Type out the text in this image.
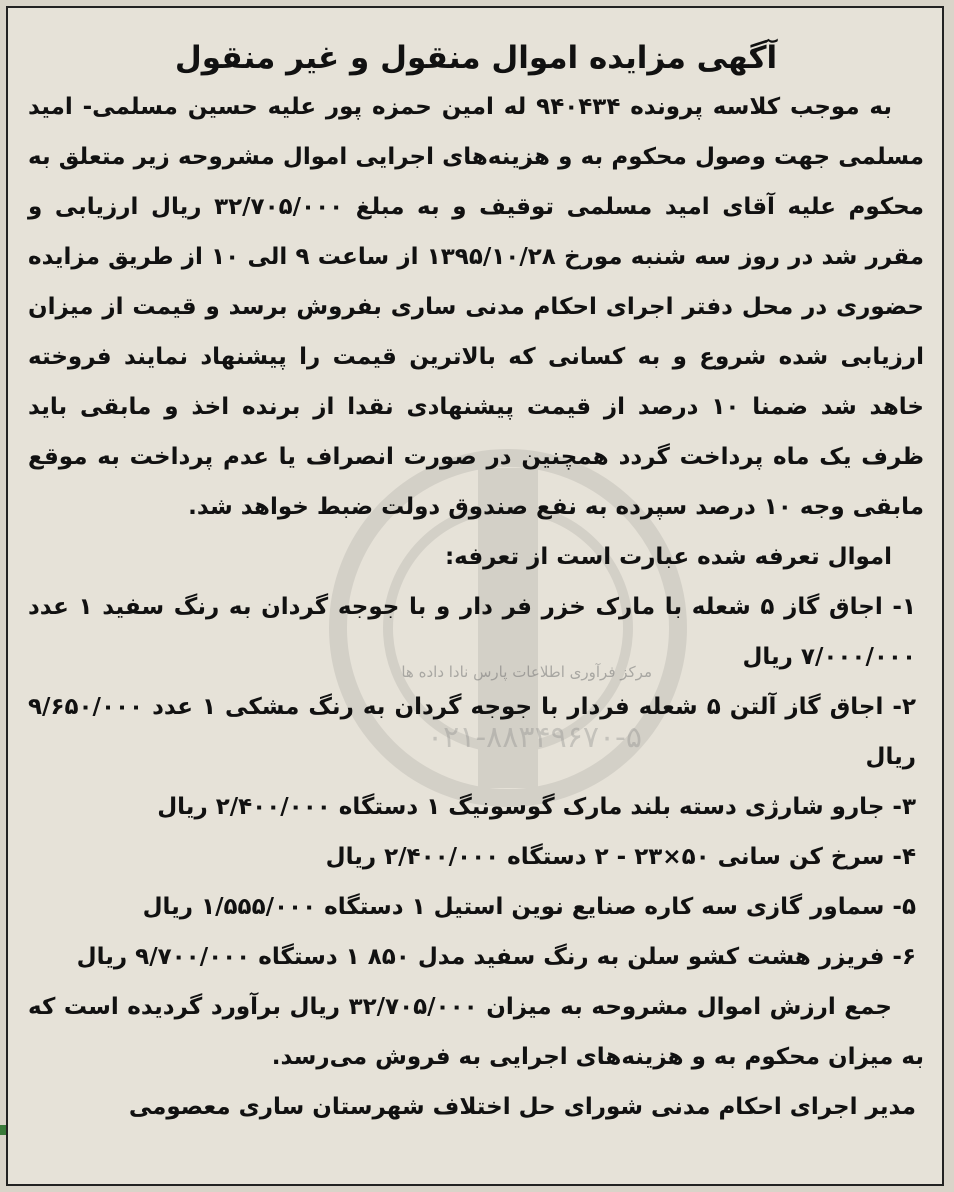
مرکز فرآوری اطلاعات پارس نادا داده ها
۰۲۱-۸۸۳۴۹۶۷۰-۵
آگهی مزایده اموال منقول و غیر منقول

به موجب کلاسه پرونده ۹۴۰۴۳۴ له امین حمزه پور علیه حسین مسلمی- امید مسلمی جهت وصول محکوم به و هزینه‌های اجرایی اموال مشروحه زیر متعلق به محکوم علیه آقای امید مسلمی توقیف و به مبلغ ۳۲/۷۰۵/۰۰۰ ریال ارزیابی و مقرر شد در روز سه شنبه مورخ ۱۳۹۵/۱۰/۲۸ از ساعت ۹ الی ۱۰ از طریق مزایده حضوری در محل دفتر اجرای احکام مدنی ساری بفروش برسد و قیمت از میزان ارزیابی شده شروع و به کسانی که بالاترین قیمت را پیشنهاد نمایند فروخته خاهد شد ضمنا ۱۰ درصد از قیمت پیشنهادی نقدا از برنده اخذ و مابقی باید ظرف یک ماه پرداخت گردد همچنین در صورت انصراف یا عدم پرداخت به موقع مابقی وجه ۱۰ درصد سپرده به نفع صندوق دولت ضبط خواهد شد.

اموال تعرفه شده عبارت است از تعرفه:

۱- اجاق گاز ۵ شعله با مارک خزر فر دار و با جوجه گردان به رنگ سفید ۱ عدد ۷/۰۰۰/۰۰۰ ریال

۲- اجاق گاز آلتن ۵ شعله فردار با جوجه گردان به رنگ مشکی ۱ عدد ۹/۶۵۰/۰۰۰ ریال

۳- جارو شارژی دسته بلند مارک گوسونیگ ۱ دستگاه ۲/۴۰۰/۰۰۰ ریال

۴- سرخ کن سانی ۵۰×۲۳ - ۲ دستگاه ۲/۴۰۰/۰۰۰ ریال

۵- سماور گازی سه کاره صنایع نوین استیل ۱ دستگاه ۱/۵۵۵/۰۰۰ ریال

۶- فریزر هشت کشو سلن به رنگ سفید مدل ۸۵۰ ۱ دستگاه ۹/۷۰۰/۰۰۰ ریال

جمع ارزش اموال مشروحه به میزان ۳۲/۷۰۵/۰۰۰ ریال برآورد گردیده است که به میزان محکوم به و هزینه‌های اجرایی به فروش می‌رسد.

مدیر اجرای احکام مدنی شورای حل اختلاف شهرستان ساری معصومی
